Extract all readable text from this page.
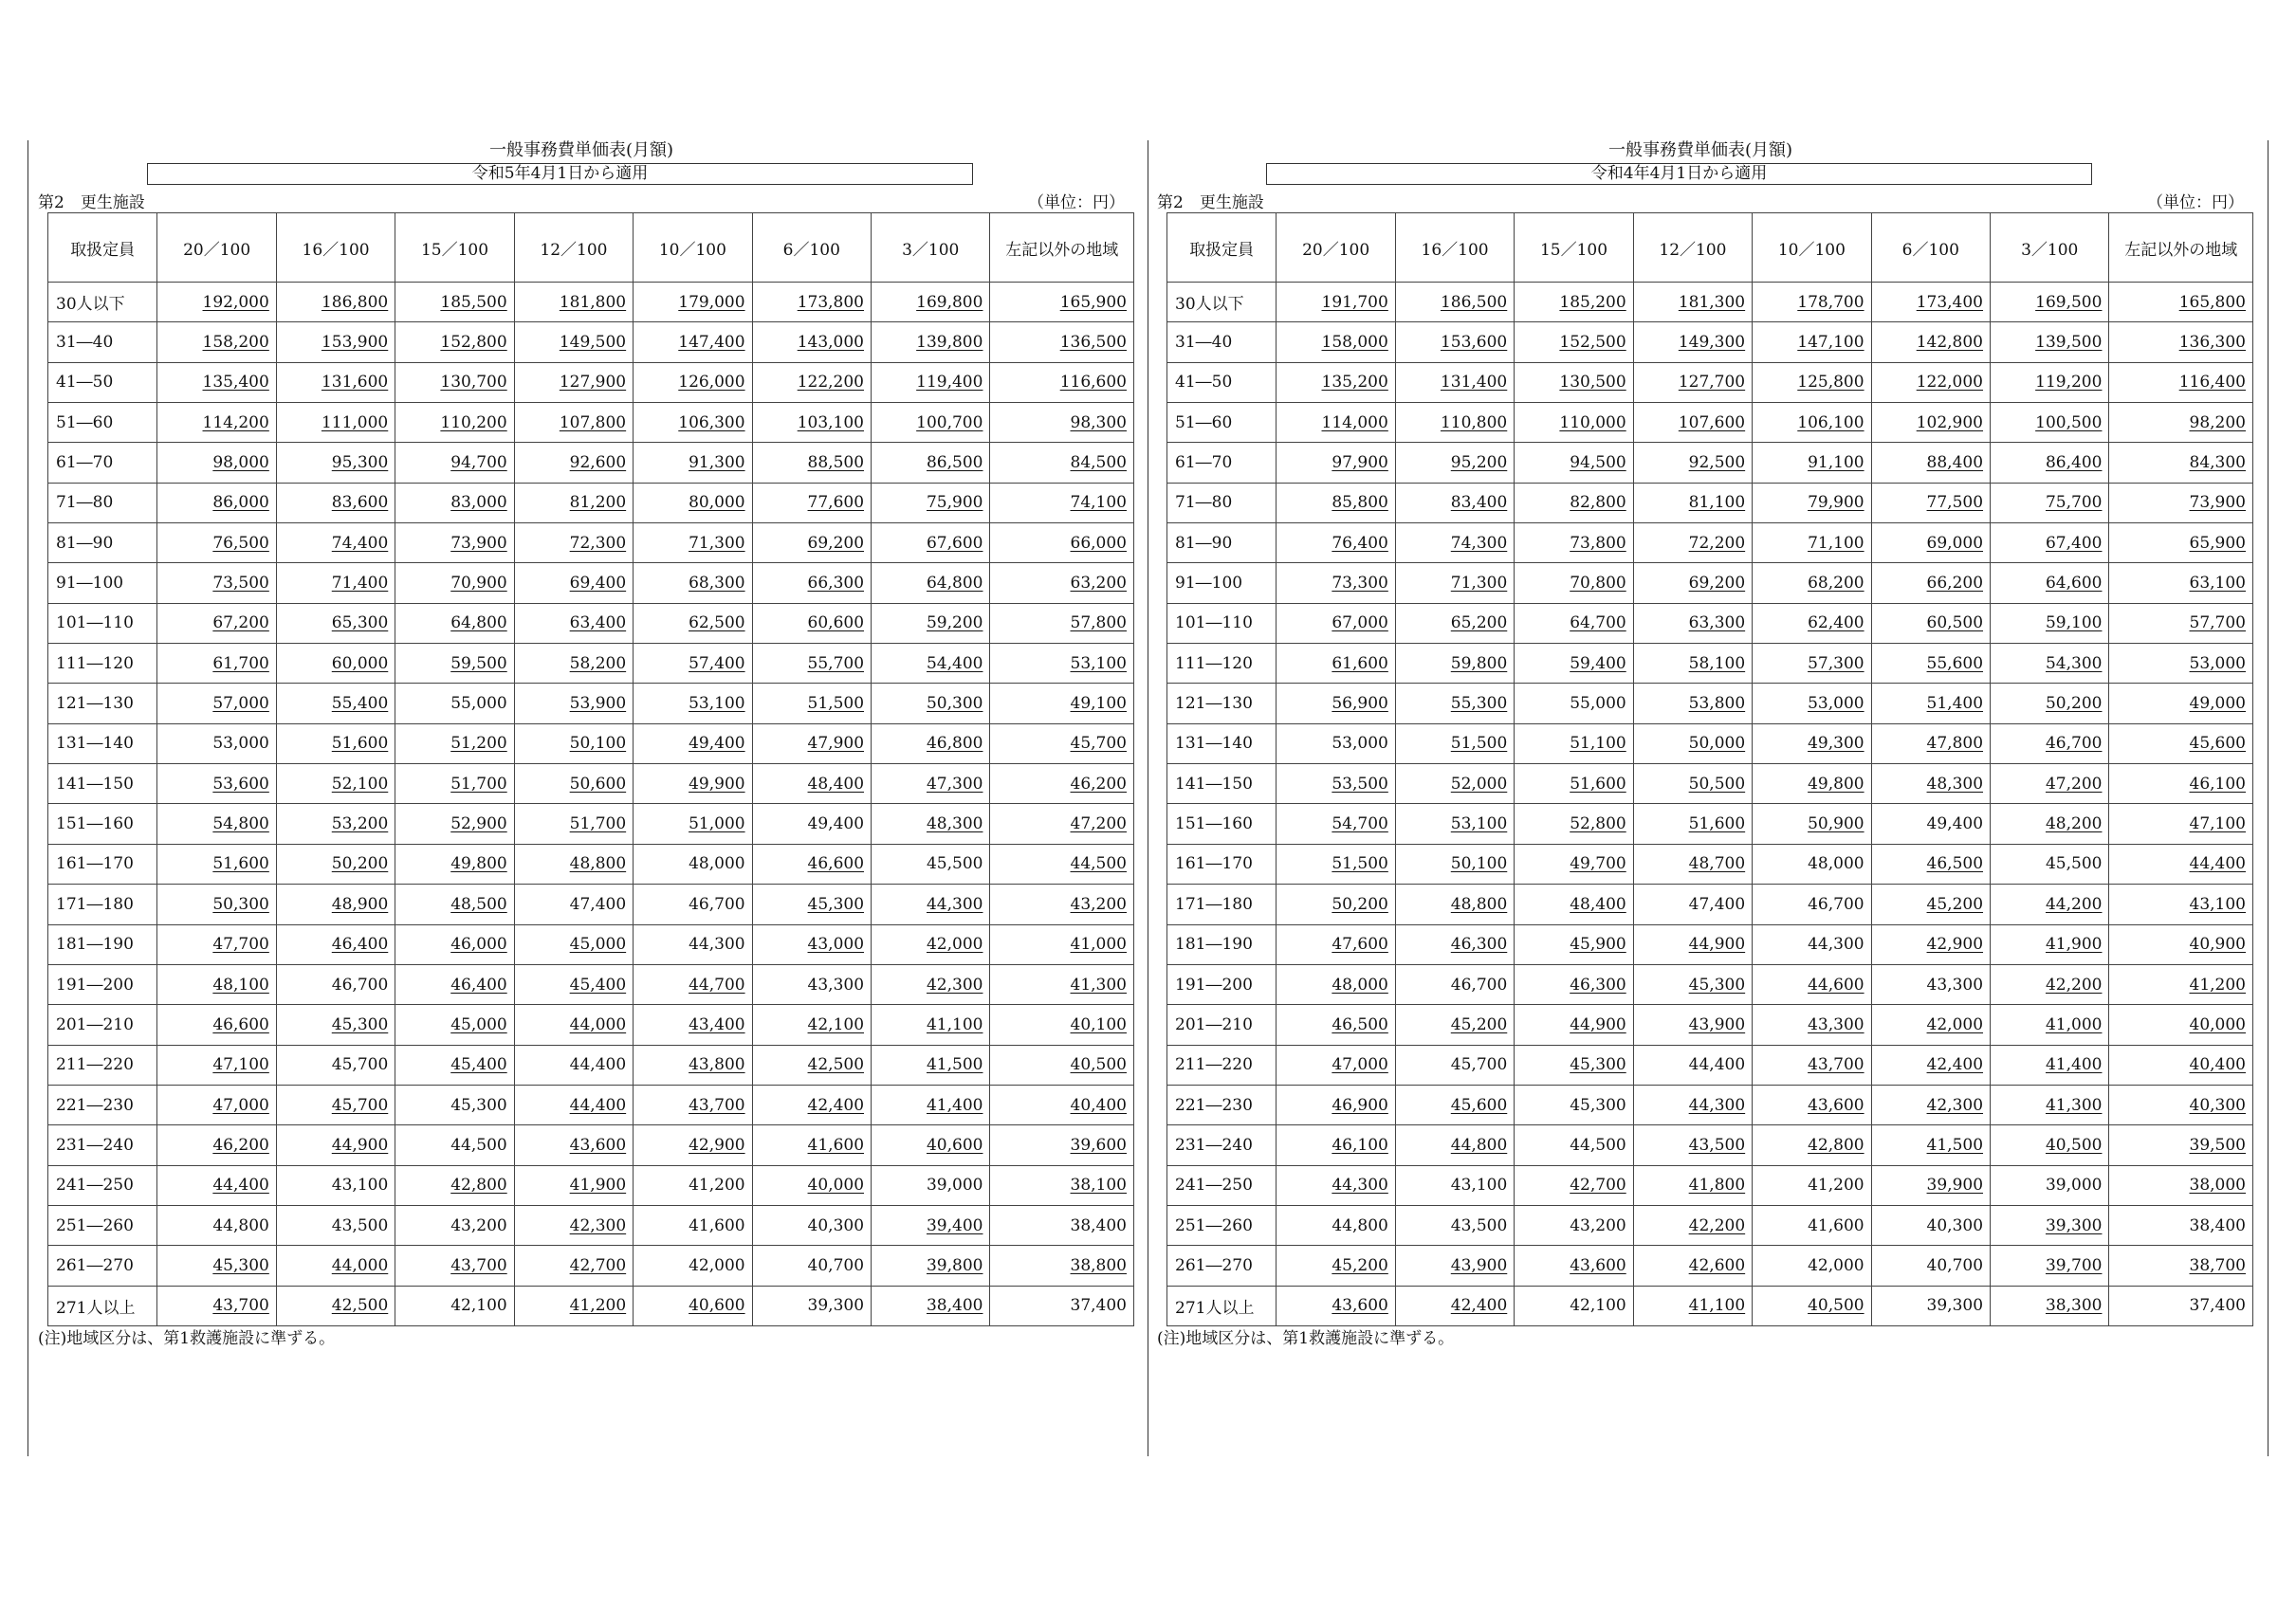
一般事務費単価表(月額)
令和5年4月1日から適用
第2　更生施設	（単位：円）
取扱定員	20／100	16／100	15／100	12／100	10／100	6／100	3／100	左記以外の地域
30人以下	192,000	186,800	185,500	181,800	179,000	173,800	169,800	165,900
31―40	158,200	153,900	152,800	149,500	147,400	143,000	139,800	136,500
41―50	135,400	131,600	130,700	127,900	126,000	122,200	119,400	116,600
51―60	114,200	111,000	110,200	107,800	106,300	103,100	100,700	98,300
61―70	98,000	95,300	94,700	92,600	91,300	88,500	86,500	84,500
71―80	86,000	83,600	83,000	81,200	80,000	77,600	75,900	74,100
81―90	76,500	74,400	73,900	72,300	71,300	69,200	67,600	66,000
91―100	73,500	71,400	70,900	69,400	68,300	66,300	64,800	63,200
101―110	67,200	65,300	64,800	63,400	62,500	60,600	59,200	57,800
111―120	61,700	60,000	59,500	58,200	57,400	55,700	54,400	53,100
121―130	57,000	55,400	55,000	53,900	53,100	51,500	50,300	49,100
131―140	53,000	51,600	51,200	50,100	49,400	47,900	46,800	45,700
141―150	53,600	52,100	51,700	50,600	49,900	48,400	47,300	46,200
151―160	54,800	53,200	52,900	51,700	51,000	49,400	48,300	47,200
161―170	51,600	50,200	49,800	48,800	48,000	46,600	45,500	44,500
171―180	50,300	48,900	48,500	47,400	46,700	45,300	44,300	43,200
181―190	47,700	46,400	46,000	45,000	44,300	43,000	42,000	41,000
191―200	48,100	46,700	46,400	45,400	44,700	43,300	42,300	41,300
201―210	46,600	45,300	45,000	44,000	43,400	42,100	41,100	40,100
211―220	47,100	45,700	45,400	44,400	43,800	42,500	41,500	40,500
221―230	47,000	45,700	45,300	44,400	43,700	42,400	41,400	40,400
231―240	46,200	44,900	44,500	43,600	42,900	41,600	40,600	39,600
241―250	44,400	43,100	42,800	41,900	41,200	40,000	39,000	38,100
251―260	44,800	43,500	43,200	42,300	41,600	40,300	39,400	38,400
261―270	45,300	44,000	43,700	42,700	42,000	40,700	39,800	38,800
271人以上	43,700	42,500	42,100	41,200	40,600	39,300	38,400	37,400
(注)地域区分は、第1救護施設に準ずる。
一般事務費単価表(月額)
令和4年4月1日から適用
第2　更生施設	（単位：円）
取扱定員	20／100	16／100	15／100	12／100	10／100	6／100	3／100	左記以外の地域
30人以下	191,700	186,500	185,200	181,300	178,700	173,400	169,500	165,800
31―40	158,000	153,600	152,500	149,300	147,100	142,800	139,500	136,300
41―50	135,200	131,400	130,500	127,700	125,800	122,000	119,200	116,400
51―60	114,000	110,800	110,000	107,600	106,100	102,900	100,500	98,200
61―70	97,900	95,200	94,500	92,500	91,100	88,400	86,400	84,300
71―80	85,800	83,400	82,800	81,100	79,900	77,500	75,700	73,900
81―90	76,400	74,300	73,800	72,200	71,100	69,000	67,400	65,900
91―100	73,300	71,300	70,800	69,200	68,200	66,200	64,600	63,100
101―110	67,000	65,200	64,700	63,300	62,400	60,500	59,100	57,700
111―120	61,600	59,800	59,400	58,100	57,300	55,600	54,300	53,000
121―130	56,900	55,300	55,000	53,800	53,000	51,400	50,200	49,000
131―140	53,000	51,500	51,100	50,000	49,300	47,800	46,700	45,600
141―150	53,500	52,000	51,600	50,500	49,800	48,300	47,200	46,100
151―160	54,700	53,100	52,800	51,600	50,900	49,400	48,200	47,100
161―170	51,500	50,100	49,700	48,700	48,000	46,500	45,500	44,400
171―180	50,200	48,800	48,400	47,400	46,700	45,200	44,200	43,100
181―190	47,600	46,300	45,900	44,900	44,300	42,900	41,900	40,900
191―200	48,000	46,700	46,300	45,300	44,600	43,300	42,200	41,200
201―210	46,500	45,200	44,900	43,900	43,300	42,000	41,000	40,000
211―220	47,000	45,700	45,300	44,400	43,700	42,400	41,400	40,400
221―230	46,900	45,600	45,300	44,300	43,600	42,300	41,300	40,300
231―240	46,100	44,800	44,500	43,500	42,800	41,500	40,500	39,500
241―250	44,300	43,100	42,700	41,800	41,200	39,900	39,000	38,000
251―260	44,800	43,500	43,200	42,200	41,600	40,300	39,300	38,400
261―270	45,200	43,900	43,600	42,600	42,000	40,700	39,700	38,700
271人以上	43,600	42,400	42,100	41,100	40,500	39,300	38,300	37,400
(注)地域区分は、第1救護施設に準ずる。
